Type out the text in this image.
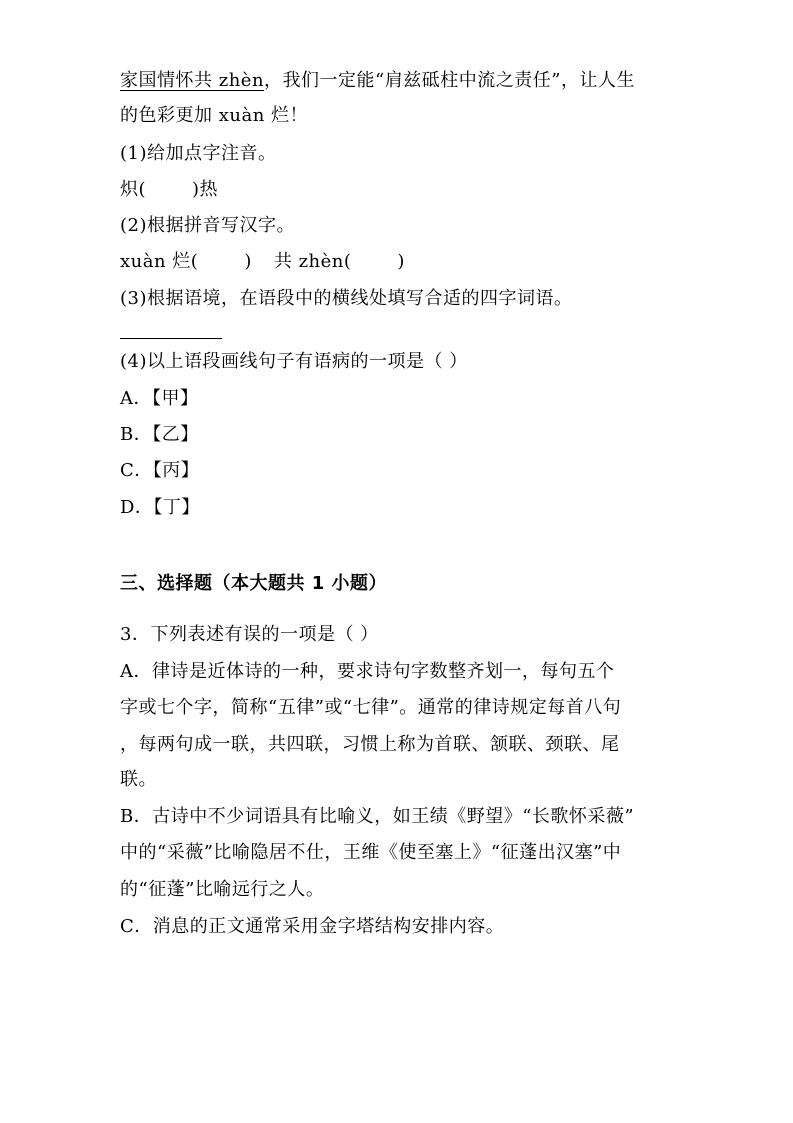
家国情怀共 zhèn，我们一定能“肩兹砥柱中流之责任”，让人生
的色彩更加 xuàn 烂！
(1)给加点字注音。
炽(	)热
(2)根据拼音写汉字。
xuàn 烂(	) 共 zhèn(	)
(3)根据语境，在语段中的横线处填写合适的四字词语。
(4)以上语段画线句子有语病的一项是（ ）
A．【甲】
B．【乙】
C．【丙】
D．【丁】
三、选择题（本大题共 1 小题）
3．下列表述有误的一项是（ ）
A．律诗是近体诗的一种，要求诗句字数整齐划一，每句五个
字或七个字，简称“五律”或“七律”。通常的律诗规定每首八句
，每两句成一联，共四联，习惯上称为首联、颔联、颈联、尾
联。
B．古诗中不少词语具有比喻义，如王绩《野望》“长歌怀采薇”
中的“采薇”比喻隐居不仕，王维《使至塞上》“征蓬出汉塞”中
的“征蓬”比喻远行之人。
C．消息的正文通常采用金字塔结构安排内容。
